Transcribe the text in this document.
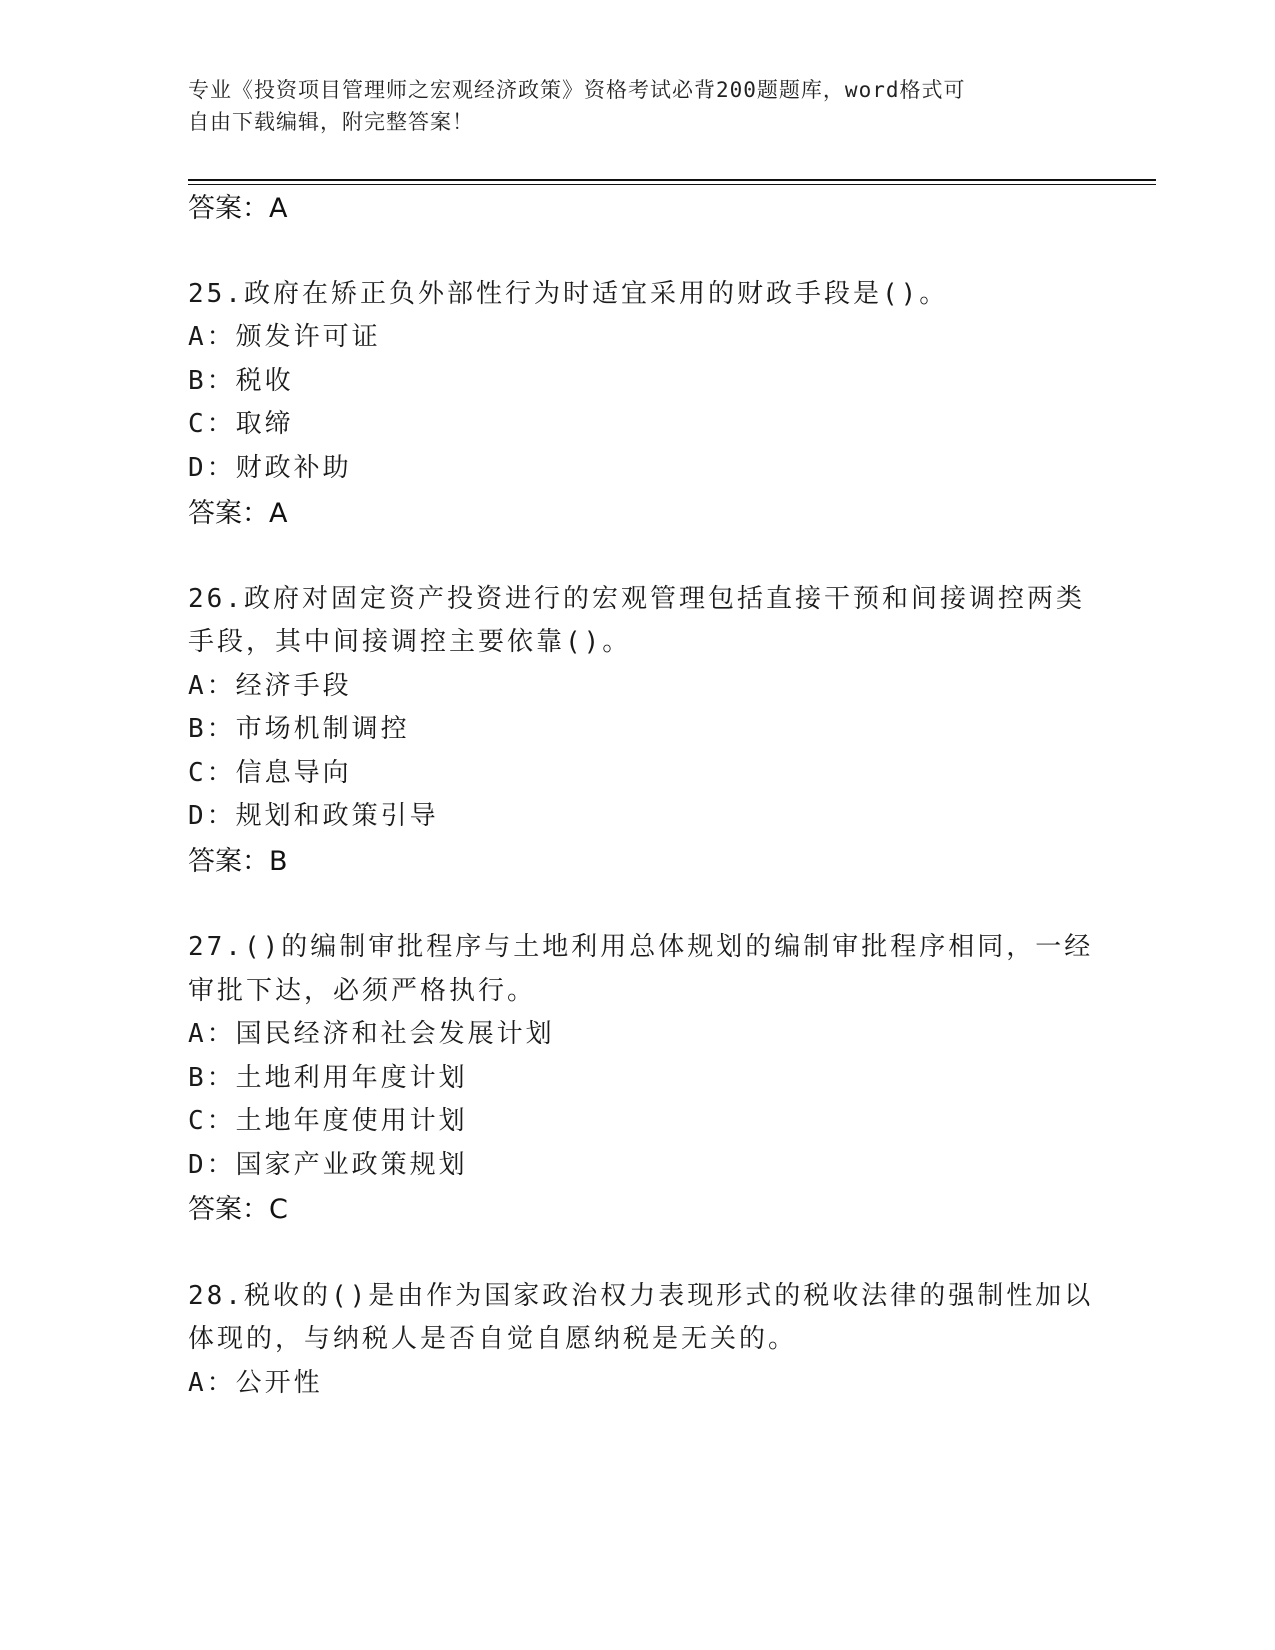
专业《投资项目管理师之宏观经济政策》资格考试必背200题题库，word格式可
自由下载编辑，附完整答案！
答案：A
25.政府在矫正负外部性行为时适宜采用的财政手段是()。
A：颁发许可证
B：税收
C：取缔
D：财政补助
答案：A
26.政府对固定资产投资进行的宏观管理包括直接干预和间接调控两类
手段，其中间接调控主要依靠()。
A：经济手段
B：市场机制调控
C：信息导向
D：规划和政策引导
答案：B
27.()的编制审批程序与土地利用总体规划的编制审批程序相同，一经
审批下达，必须严格执行。
A：国民经济和社会发展计划
B：土地利用年度计划
C：土地年度使用计划
D：国家产业政策规划
答案：C
28.税收的()是由作为国家政治权力表现形式的税收法律的强制性加以
体现的，与纳税人是否自觉自愿纳税是无关的。
A：公开性
